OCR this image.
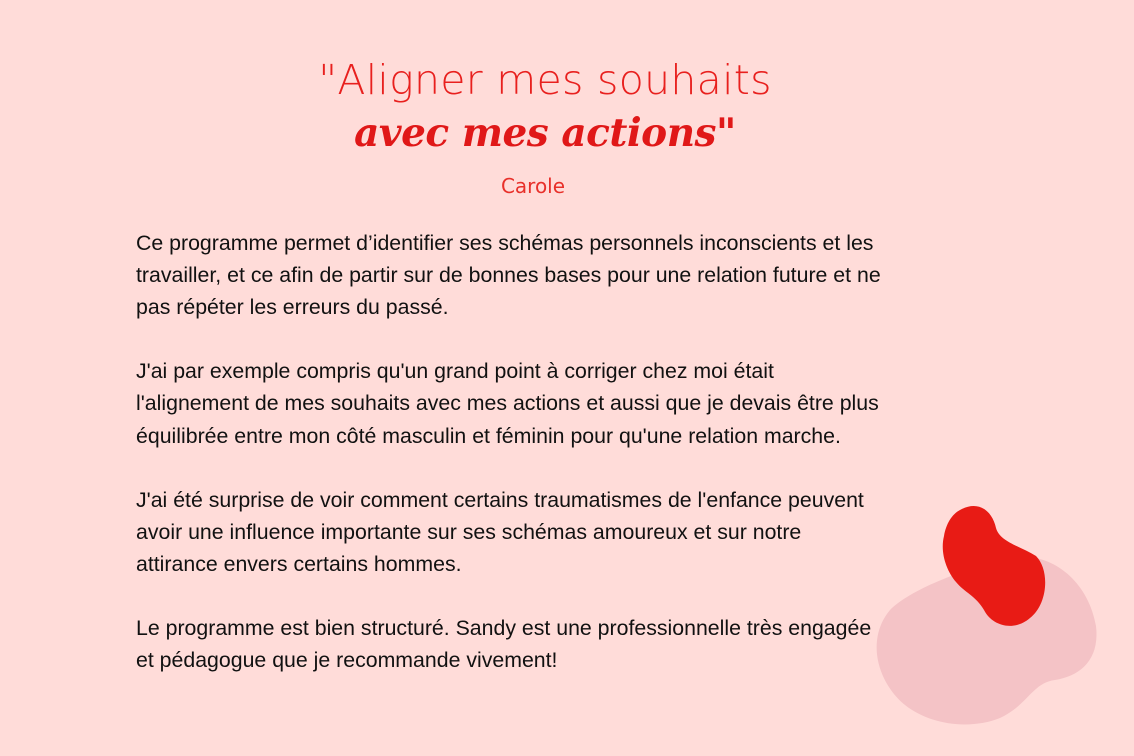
"Aligner mes souhaits
avec mes actions"
Carole

Ce programme permet d’identifier ses schémas personnels inconscients et les
travailler, et ce afin de partir sur de bonnes bases pour une relation future et ne
pas répéter les erreurs du passé.

J'ai par exemple compris qu'un grand point à corriger chez moi était
l'alignement de mes souhaits avec mes actions et aussi que je devais être plus
équilibrée entre mon côté masculin et féminin pour qu'une relation marche.

J'ai été surprise de voir comment certains traumatismes de l'enfance peuvent
avoir une influence importante sur ses schémas amoureux et sur notre
attirance envers certains hommes.

Le programme est bien structuré. Sandy est une professionnelle très engagée
et pédagogue que je recommande vivement!
